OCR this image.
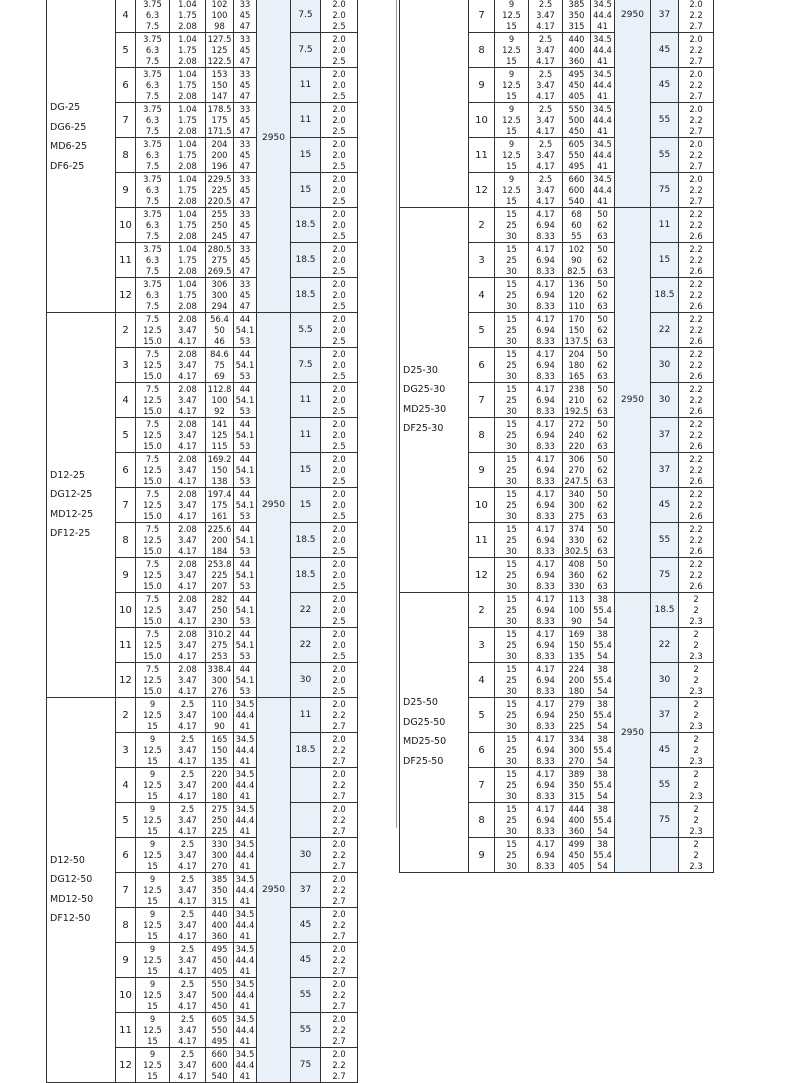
DG-25
DG6-25
MD6-25
DF6-25
4
3.75
6.3
7.5
1.04
1.75
2.08
102
100
98
33
45
47
7.5
2.0
2.0
2.5
5
3.75
6.3
7.5
1.04
1.75
2.08
127.5
125
122.5
33
45
47
7.5
2.0
2.0
2.5
6
3.75
6.3
7.5
1.04
1.75
2.08
153
150
147
33
45
47
11
2.0
2.0
2.5
7
3.75
6.3
7.5
1.04
1.75
2.08
178.5
175
171.5
33
45
47
11
2.0
2.0
2.5
8
3.75
6.3
7.5
1.04
1.75
2.08
204
200
196
33
45
47
15
2.0
2.0
2.5
9
3.75
6.3
7.5
1.04
1.75
2.08
229.5
225
220.5
33
45
47
15
2.0
2.0
2.5
10
3.75
6.3
7.5
1.04
1.75
2.08
255
250
245
33
45
47
18.5
2.0
2.0
2.5
11
3.75
6.3
7.5
1.04
1.75
2.08
280.5
275
269.5
33
45
47
18.5
2.0
2.0
2.5
12
3.75
6.3
7.5
1.04
1.75
2.08
306
300
294
33
45
47
18.5
2.0
2.0
2.5
2950
D12-25
DG12-25
MD12-25
DF12-25
2
7.5
12.5
15.0
2.08
3.47
4.17
56.4
50
46
44
54.1
53
5.5
2.0
2.0
2.5
3
7.5
12.5
15.0
2.08
3.47
4.17
84.6
75
69
44
54.1
53
7.5
2.0
2.0
2.5
4
7.5
12.5
15.0
2.08
3.47
4.17
112.8
100
92
44
54.1
53
11
2.0
2.0
2.5
5
7.5
12.5
15.0
2.08
3.47
4.17
141
125
115
44
54.1
53
11
2.0
2.0
2.5
6
7.5
12.5
15.0
2.08
3.47
4.17
169.2
150
138
44
54.1
53
15
2.0
2.0
2.5
7
7.5
12.5
15.0
2.08
3.47
4.17
197.4
175
161
44
54.1
53
15
2.0
2.0
2.5
8
7.5
12.5
15.0
2.08
3.47
4.17
225.6
200
184
44
54.1
53
18.5
2.0
2.0
2.5
9
7.5
12.5
15.0
2.08
3.47
4.17
253.8
225
207
44
54.1
53
18.5
2.0
2.0
2.5
10
7.5
12.5
15.0
2.08
3.47
4.17
282
250
230
44
54.1
53
22
2.0
2.0
2.5
11
7.5
12.5
15.0
2.08
3.47
4.17
310.2
275
253
44
54.1
53
22
2.0
2.0
2.5
12
7.5
12.5
15.0
2.08
3.47
4.17
338.4
300
276
44
54.1
53
30
2.0
2.0
2.5
2950
D12-50
DG12-50
MD12-50
DF12-50
2
9
12.5
15
2.5
3.47
4.17
110
100
90
34.5
44.4
41
11
2.0
2.2
2.7
3
9
12.5
15
2.5
3.47
4.17
165
150
135
34.5
44.4
41
18.5
2.0
2.2
2.7
4
9
12.5
15
2.5
3.47
4.17
220
200
180
34.5
44.4
41
2.0
2.2
2.7
5
9
12.5
15
2.5
3.47
4.17
275
250
225
34.5
44.4
41
2.0
2.2
2.7
6
9
12.5
15
2.5
3.47
4.17
330
300
270
34.5
44.4
41
30
2.0
2.2
2.7
7
9
12.5
15
2.5
3.47
4.17
385
350
315
34.5
44.4
41
37
2.0
2.2
2.7
8
9
12.5
15
2.5
3.47
4.17
440
400
360
34.5
44.4
41
45
2.0
2.2
2.7
9
9
12.5
15
2.5
3.47
4.17
495
450
405
34.5
44.4
41
45
2.0
2.2
2.7
10
9
12.5
15
2.5
3.47
4.17
550
500
450
34.5
44.4
41
55
2.0
2.2
2.7
11
9
12.5
15
2.5
3.47
4.17
605
550
495
34.5
44.4
41
55
2.0
2.2
2.7
12
9
12.5
15
2.5
3.47
4.17
660
600
540
34.5
44.4
41
75
2.0
2.2
2.7
2950
7
9
12.5
15
2.5
3.47
4.17
385
350
315
34.5
44.4
41
37
2.0
2.2
2.7
8
9
12.5
15
2.5
3.47
4.17
440
400
360
34.5
44.4
41
45
2.0
2.2
2.7
9
9
12.5
15
2.5
3.47
4.17
495
450
405
34.5
44.4
41
45
2.0
2.2
2.7
10
9
12.5
15
2.5
3.47
4.17
550
500
450
34.5
44.4
41
55
2.0
2.2
2.7
11
9
12.5
15
2.5
3.47
4.17
605
550
495
34.5
44.4
41
55
2.0
2.2
2.7
12
9
12.5
15
2.5
3.47
4.17
660
600
540
34.5
44.4
41
75
2.0
2.2
2.7
2950
D25-30
DG25-30
MD25-30
DF25-30
2
15
25
30
4.17
6.94
8.33
68
60
55
50
62
63
11
2.2
2.2
2.6
3
15
25
30
4.17
6.94
8.33
102
90
82.5
50
62
63
15
2.2
2.2
2.6
4
15
25
30
4.17
6.94
8.33
136
120
110
50
62
63
18.5
2.2
2.2
2.6
5
15
25
30
4.17
6.94
8.33
170
150
137.5
50
62
63
22
2.2
2.2
2.6
6
15
25
30
4.17
6.94
8.33
204
180
165
50
62
63
30
2.2
2.2
2.6
7
15
25
30
4.17
6.94
8.33
238
210
192.5
50
62
63
30
2.2
2.2
2.6
8
15
25
30
4.17
6.94
8.33
272
240
220
50
62
63
37
2.2
2.2
2.6
9
15
25
30
4.17
6.94
8.33
306
270
247.5
50
62
63
37
2.2
2.2
2.6
10
15
25
30
4.17
6.94
8.33
340
300
275
50
62
63
45
2.2
2.2
2.6
11
15
25
30
4.17
6.94
8.33
374
330
302.5
50
62
63
55
2.2
2.2
2.6
12
15
25
30
4.17
6.94
8.33
408
360
330
50
62
63
75
2.2
2.2
2.6
2950
D25-50
DG25-50
MD25-50
DF25-50
2
15
25
30
4.17
6.94
8.33
113
100
90
38
55.4
54
18.5
2
2
2.3
3
15
25
30
4.17
6.94
8.33
169
150
135
38
55.4
54
22
2
2
2.3
4
15
25
30
4.17
6.94
8.33
224
200
180
38
55.4
54
30
2
2
2.3
5
15
25
30
4.17
6.94
8.33
279
250
225
38
55.4
54
37
2
2
2.3
6
15
25
30
4.17
6.94
8.33
334
300
270
38
55.4
54
45
2
2
2.3
7
15
25
30
4.17
6.94
8.33
389
350
315
38
55.4
54
55
2
2
2.3
8
15
25
30
4.17
6.94
8.33
444
400
360
38
55.4
54
75
2
2
2.3
9
15
25
30
4.17
6.94
8.33
499
450
405
38
55.4
54
2
2
2.3
2950
